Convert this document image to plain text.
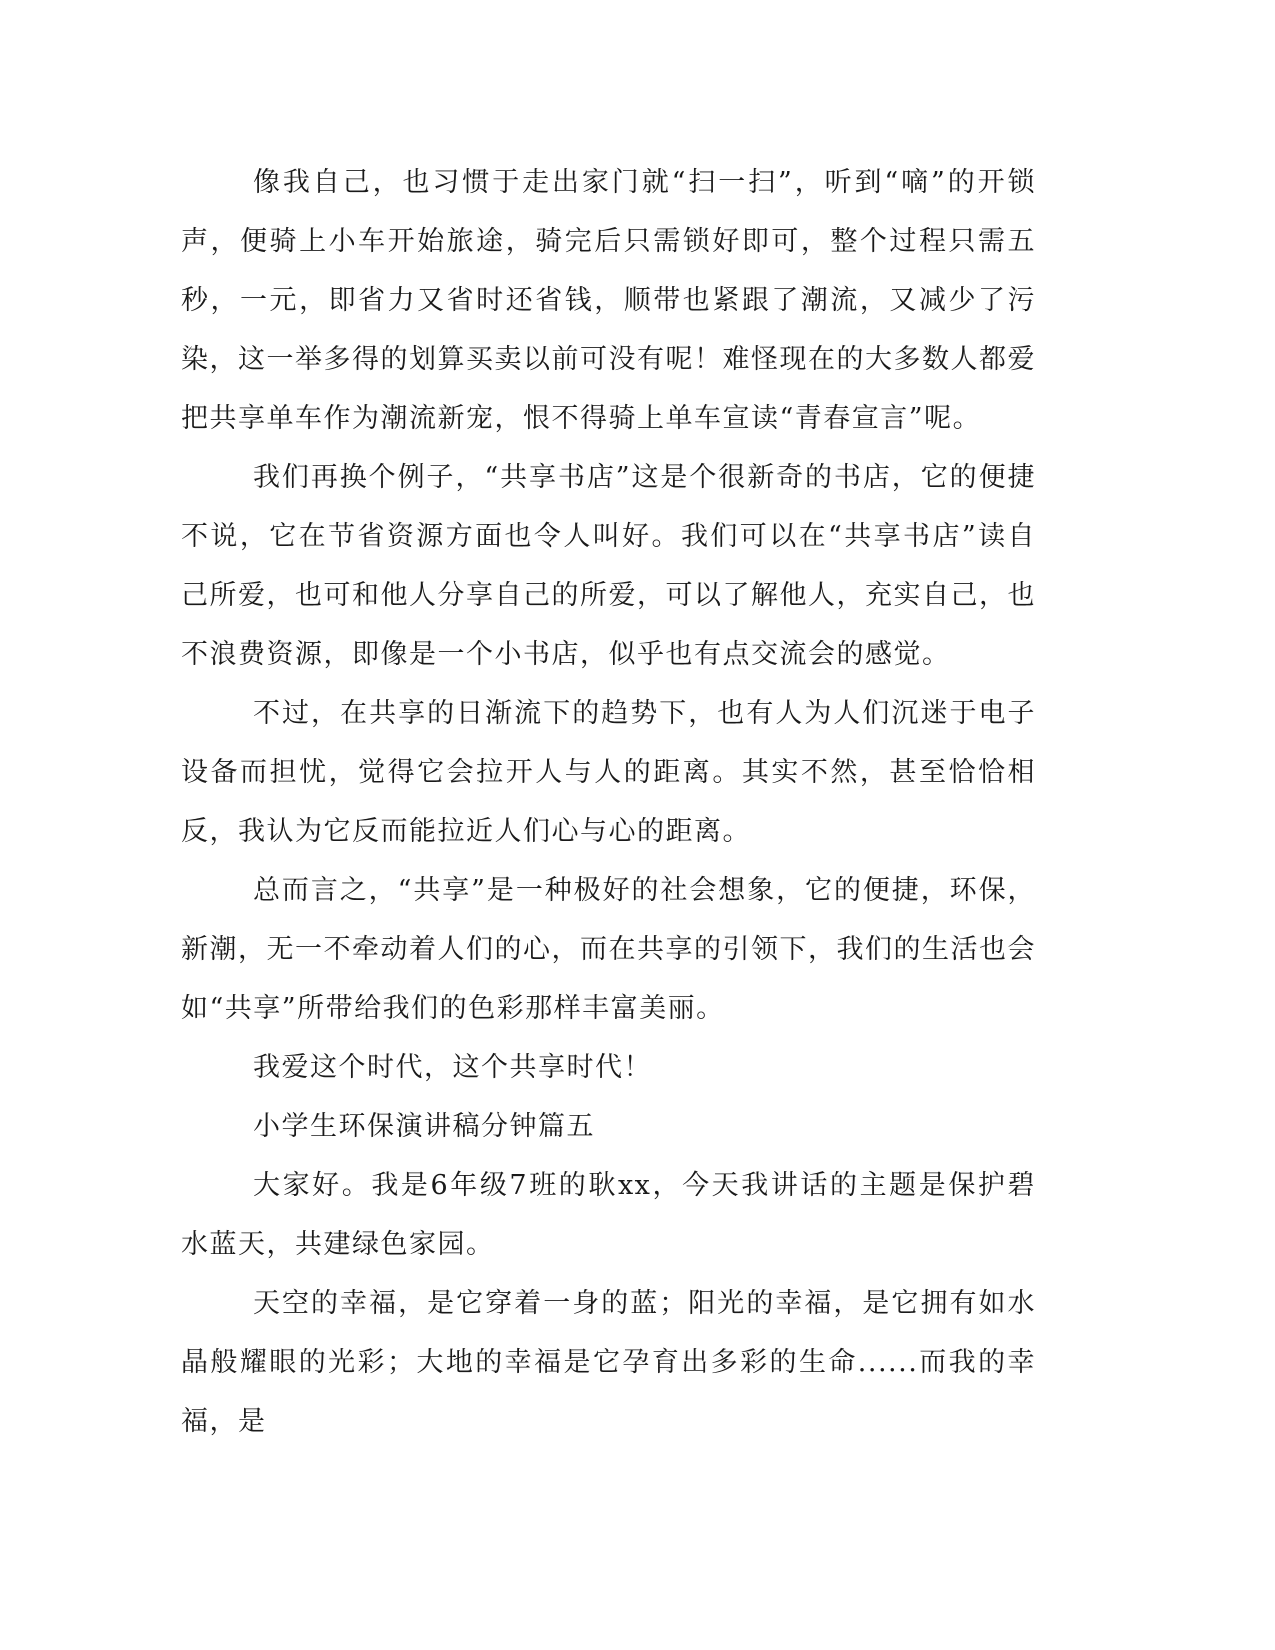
像我自己，也习惯于走出家门就“扫一扫”，听到“嘀”的开锁声，便骑上小车开始旅途，骑完后只需锁好即可，整个过程只需五秒，一元，即省力又省时还省钱，顺带也紧跟了潮流，又减少了污染，这一举多得的划算买卖以前可没有呢！难怪现在的大多数人都爱把共享单车作为潮流新宠，恨不得骑上单车宣读“青春宣言”呢。

我们再换个例子，“共享书店”这是个很新奇的书店，它的便捷不说，它在节省资源方面也令人叫好。我们可以在“共享书店”读自己所爱，也可和他人分享自己的所爱，可以了解他人，充实自己，也不浪费资源，即像是一个小书店，似乎也有点交流会的感觉。

不过，在共享的日渐流下的趋势下，也有人为人们沉迷于电子设备而担忧，觉得它会拉开人与人的距离。其实不然，甚至恰恰相反，我认为它反而能拉近人们心与心的距离。

总而言之，“共享”是一种极好的社会想象，它的便捷，环保，新潮，无一不牵动着人们的心，而在共享的引领下，我们的生活也会如“共享”所带给我们的色彩那样丰富美丽。

我爱这个时代，这个共享时代！

小学生环保演讲稿分钟篇五

大家好。我是6年级7班的耿xx，今天我讲话的主题是保护碧水蓝天，共建绿色家园。

天空的幸福，是它穿着一身的蓝；阳光的幸福，是它拥有如水晶般耀眼的光彩；大地的幸福是它孕育出多彩的生命......而我的幸福，是
